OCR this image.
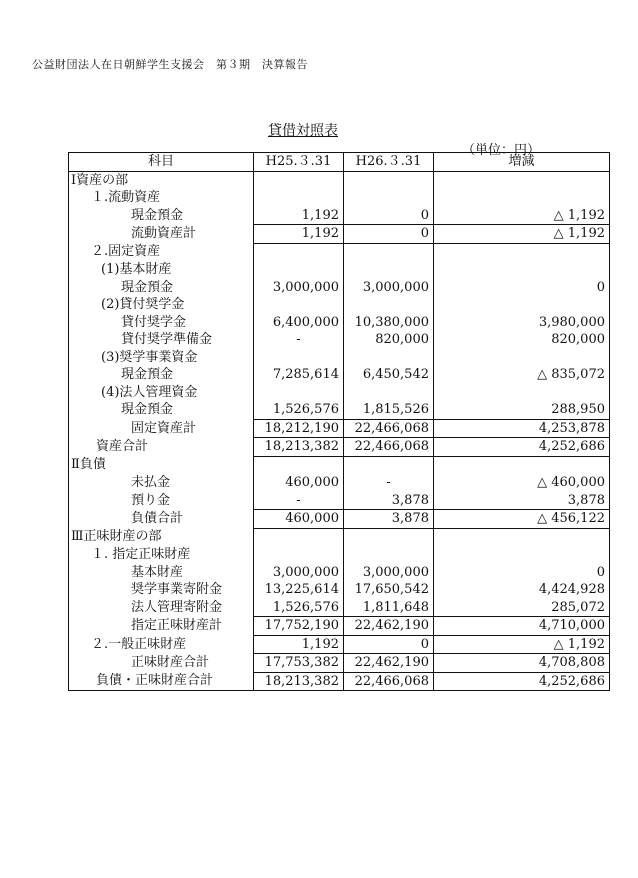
公益財団法人在日朝鮮学生支援会　第３期　決算報告
貸借対照表
（単位：円）
科目	H25.３.31	H26.３.31	増減
Ⅰ資産の部			
１.流動資産			
現金預金	1,192	0	△ 1,192
流動資産計	1,192	0	△ 1,192
２.固定資産			
(1)基本財産			
現金預金	3,000,000	3,000,000	0
(2)貸付奨学金			
貸付奨学金	6,400,000	10,380,000	3,980,000
貸付奨学準備金	-	820,000	820,000
(3)奨学事業資金			
現金預金	7,285,614	6,450,542	△ 835,072
(4)法人管理資金			
現金預金	1,526,576	1,815,526	288,950
固定資産計	18,212,190	22,466,068	4,253,878
資産合計	18,213,382	22,466,068	4,252,686
Ⅱ負債			
未払金	460,000	-	△ 460,000
預り金	-	3,878	3,878
負債合計	460,000	3,878	△ 456,122
Ⅲ正味財産の部			
１. 指定正味財産			
基本財産	3,000,000	3,000,000	0
奨学事業寄附金	13,225,614	17,650,542	4,424,928
法人管理寄附金	1,526,576	1,811,648	285,072
指定正味財産計	17,752,190	22,462,190	4,710,000
２.一般正味財産	1,192	0	△ 1,192
正味財産合計	17,753,382	22,462,190	4,708,808
負債・正味財産合計	18,213,382	22,466,068	4,252,686
